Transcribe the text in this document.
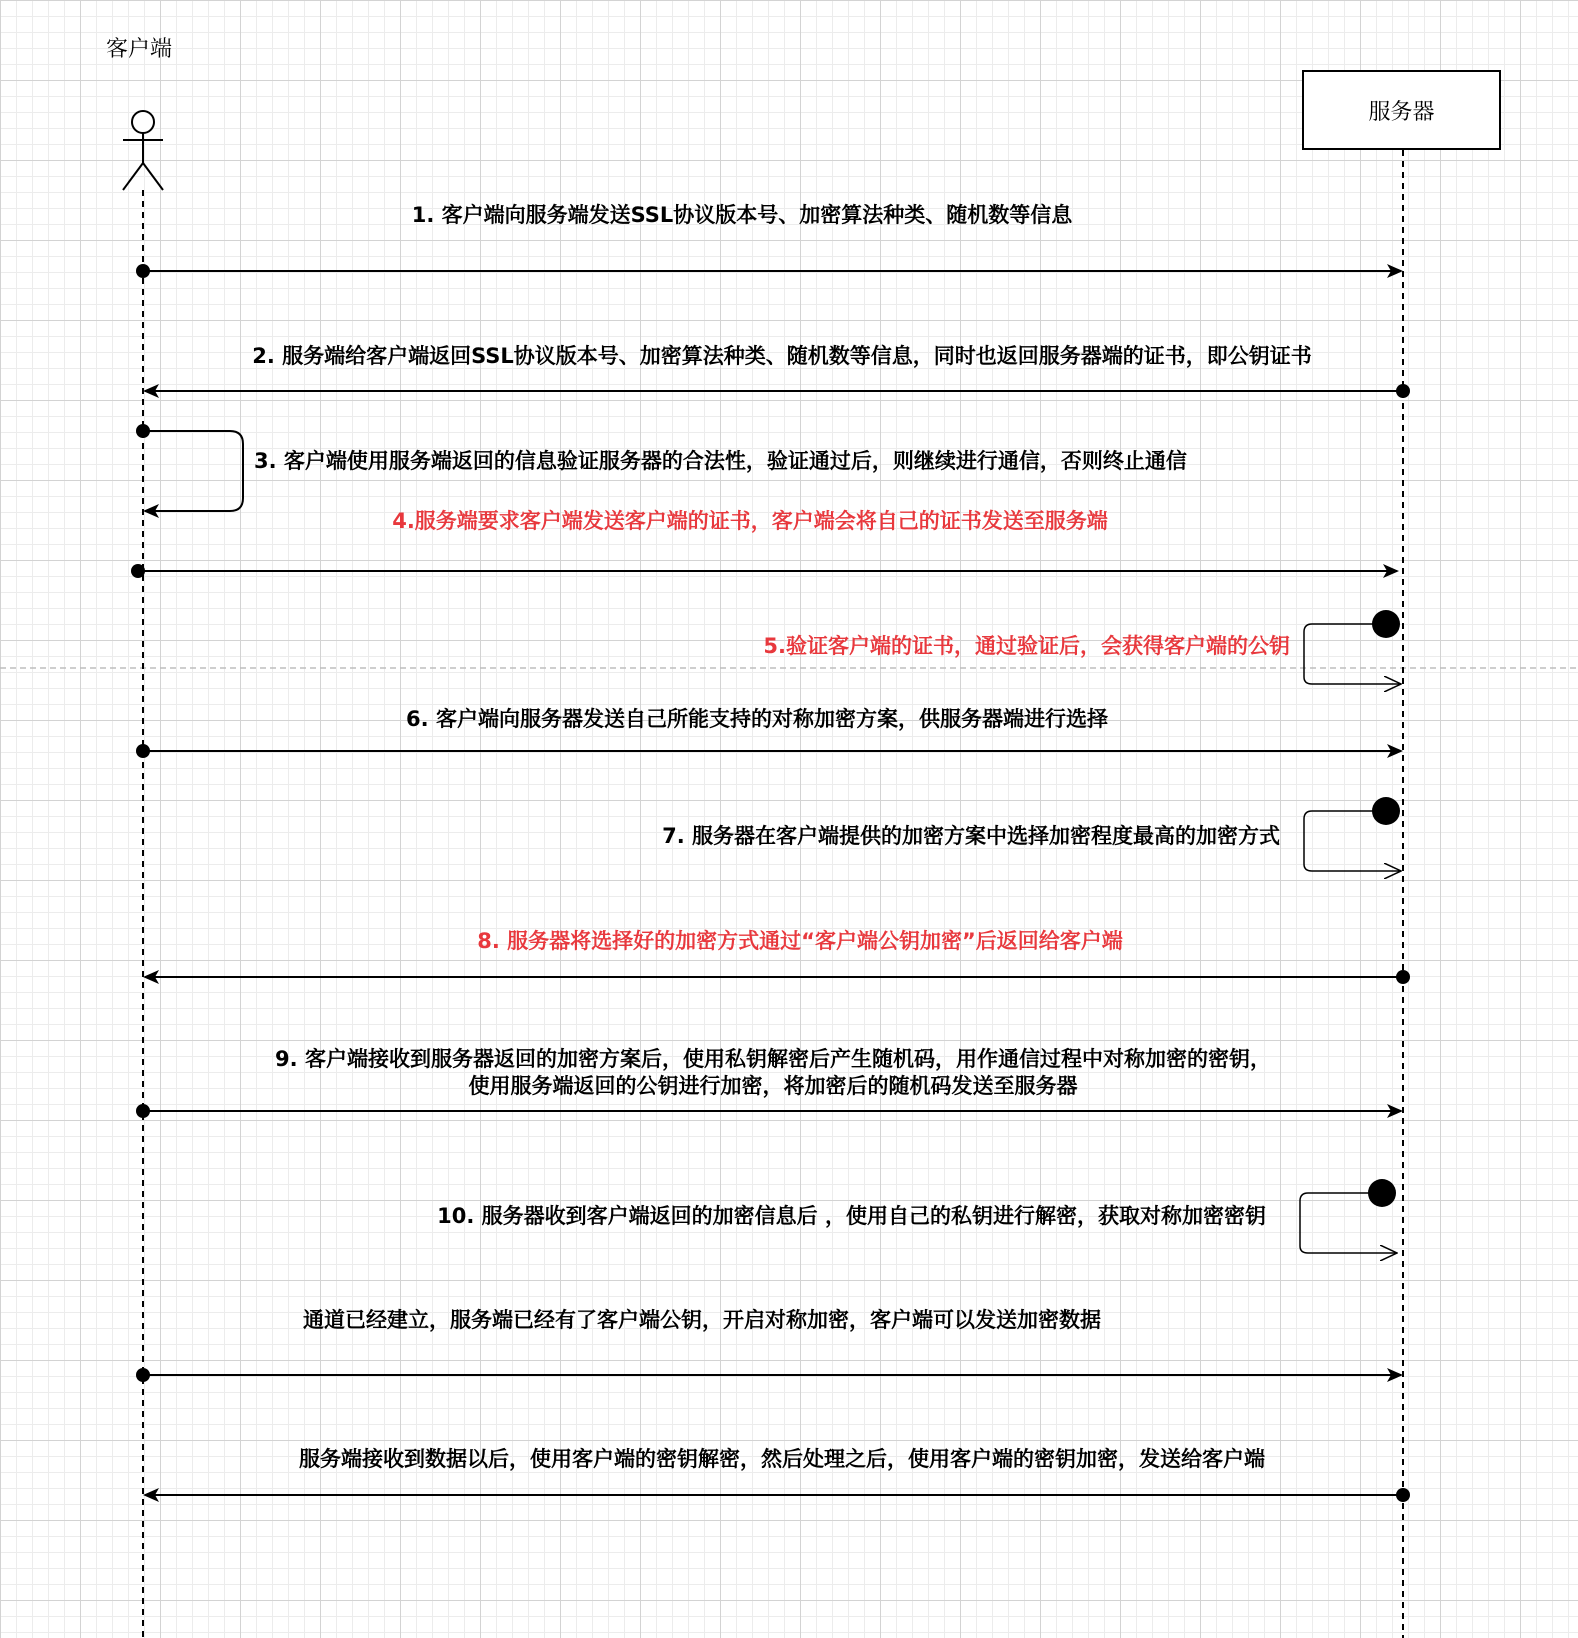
客户端
服务器
1. 客户端向服务端发送SSL协议版本号、加密算法种类、随机数等信息
2. 服务端给客户端返回SSL协议版本号、加密算法种类、随机数等信息，同时也返回服务器端的证书，即公钥证书
3. 客户端使用服务端返回的信息验证服务器的合法性，验证通过后，则继续进行通信，否则终止通信
4.服务端要求客户端发送客户端的证书，客户端会将自己的证书发送至服务端
5.验证客户端的证书，通过验证后，会获得客户端的公钥
6. 客户端向服务器发送自己所能支持的对称加密方案，供服务器端进行选择
7. 服务器在客户端提供的加密方案中选择加密程度最高的加密方式
8. 服务器将选择好的加密方式通过“客户端公钥加密”后返回给客户端
9. 客户端接收到服务器返回的加密方案后，使用私钥解密后产生随机码，用作通信过程中对称加密的密钥，
使用服务端返回的公钥进行加密，将加密后的随机码发送至服务器
10. 服务器收到客户端返回的加密信息后 ，使用自己的私钥进行解密，获取对称加密密钥
通道已经建立，服务端已经有了客户端公钥，开启对称加密，客户端可以发送加密数据
服务端接收到数据以后，使用客户端的密钥解密，然后处理之后，使用客户端的密钥加密，发送给客户端
